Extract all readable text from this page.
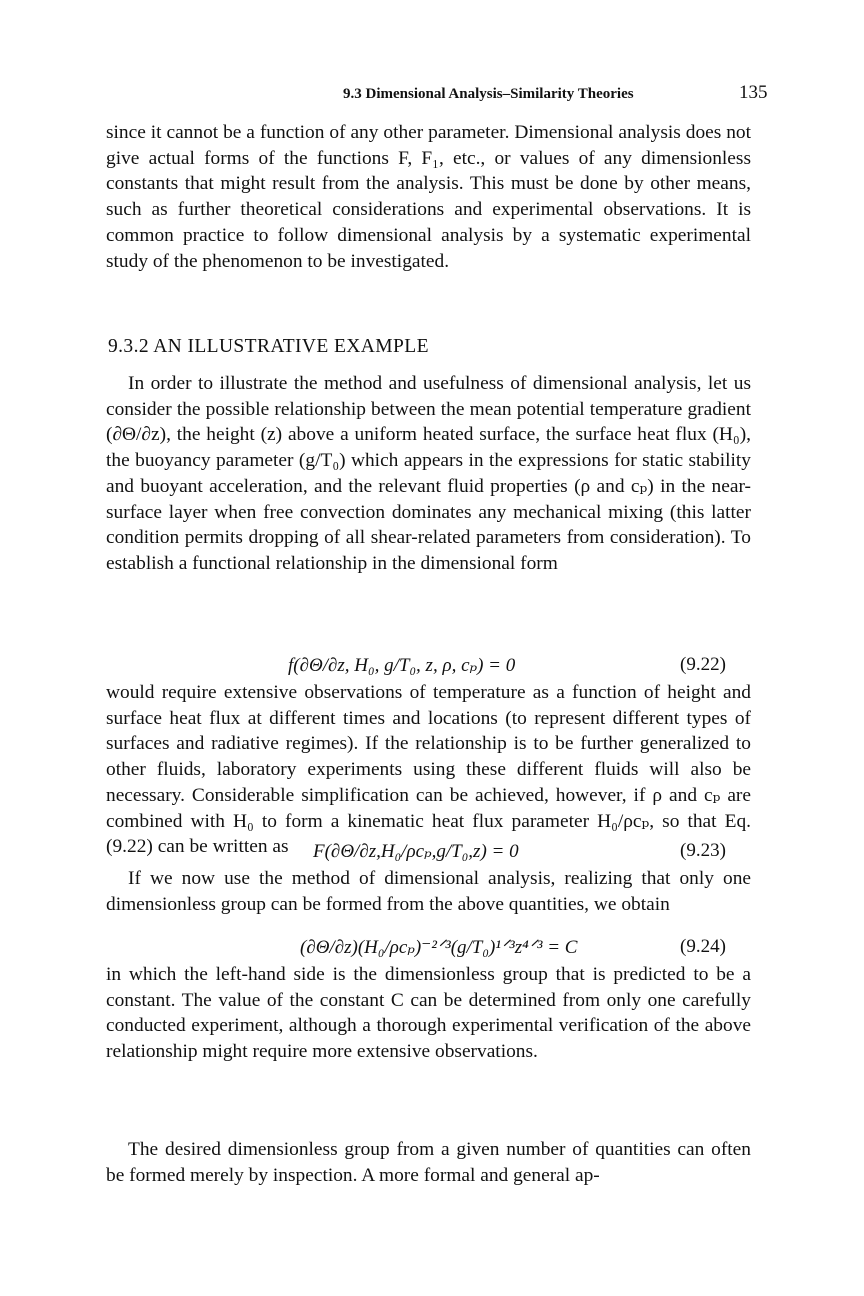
9.3 Dimensional Analysis–Similarity Theories	135

since it cannot be a function of any other parameter. Dimensional analysis does not give actual forms of the functions F, F₁, etc., or values of any dimensionless constants that might result from the analysis. This must be done by other means, such as further theoretical considerations and experimental observations. It is common practice to follow dimensional analysis by a systematic experimental study of the phenomenon to be investigated.

9.3.2 AN ILLUSTRATIVE EXAMPLE

In order to illustrate the method and usefulness of dimensional analysis, let us consider the possible relationship between the mean potential temperature gradient (∂Θ/∂z), the height (z) above a uniform heated surface, the surface heat flux (H₀), the buoyancy parameter (g/T₀) which appears in the expressions for static stability and buoyant acceleration, and the relevant fluid properties (ρ and cₚ) in the near-surface layer when free convection dominates any mechanical mixing (this latter condition permits dropping of all shear-related parameters from consideration). To establish a functional relationship in the dimensional form

f(∂Θ/∂z, H₀, g/T₀, z, ρ, cₚ) = 0	(9.22)

would require extensive observations of temperature as a function of height and surface heat flux at different times and locations (to represent different types of surfaces and radiative regimes). If the relationship is to be further generalized to other fluids, laboratory experiments using these different fluids will also be necessary. Considerable simplification can be achieved, however, if ρ and cₚ are combined with H₀ to form a kinematic heat flux parameter H₀/ρcₚ, so that Eq. (9.22) can be written as	F(∂Θ/∂z,H₀/ρcₚ,g/T₀,z) = 0	(9.23)

If we now use the method of dimensional analysis, realizing that only one dimensionless group can be formed from the above quantities, we obtain

(∂Θ/∂z)(H₀/ρcₚ)⁻²ᐟ³(g/T₀)¹ᐟ³z⁴ᐟ³ = C	(9.24)

in which the left-hand side is the dimensionless group that is predicted to be a constant. The value of the constant C can be determined from only one carefully conducted experiment, although a thorough experimental verification of the above relationship might require more extensive observations.

The desired dimensionless group from a given number of quantities can often be formed merely by inspection. A more formal and general ap-
